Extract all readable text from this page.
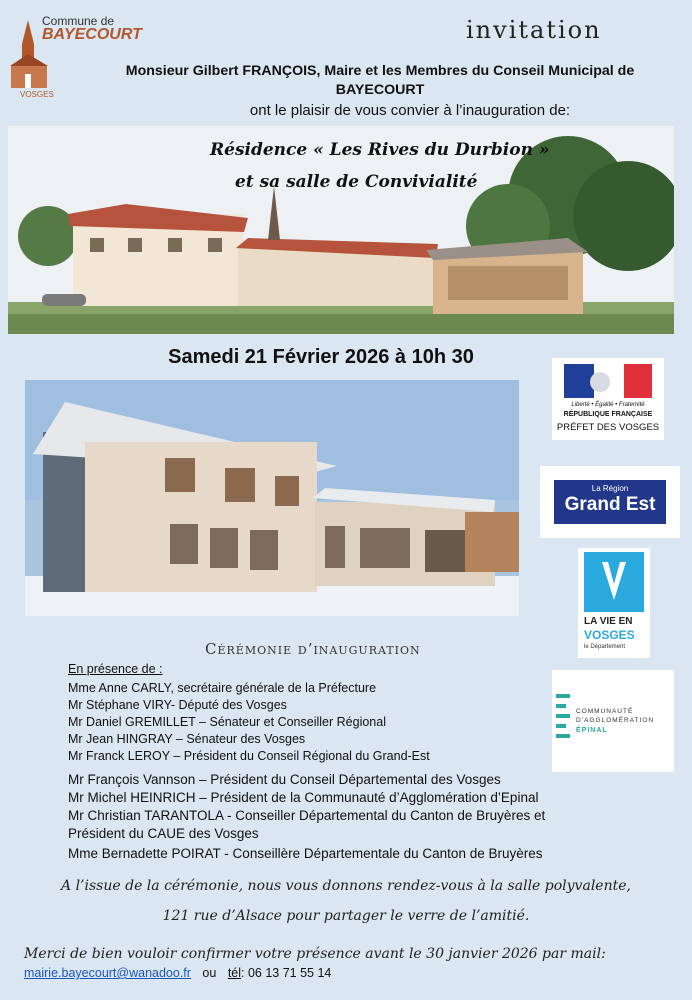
Commune de
BAYECOURT
VOSGES
invitation
Monsieur Gilbert FRANÇOIS, Maire et les Membres du Conseil Municipal de BAYECOURT
ont le plaisir de vous convier à l’inauguration de:
Résidence « Les Rives du Durbion »
et sa salle de Convivialité
Samedi 21 Février 2026 à 10h 30
Liberté • Égalité • Fraternité
RÉPUBLIQUE FRANÇAISE
PRÉFET DES VOSGES
La Région
Grand Est
LA VIE EN
VOSGES
le Département
COMMUNAUTÉ
D’AGGLOMÉRATION
ÉPINAL
Cérémonie d’inauguration
En présence de :
Mme Anne CARLY, secrétaire générale de la Préfecture
Mr Stéphane VIRY- Député des Vosges
Mr Daniel GREMILLET – Sénateur et Conseiller Régional
Mr Jean HINGRAY – Sénateur des Vosges
Mr Franck LEROY – Président du Conseil Régional du Grand-Est
Mr François Vannson – Président du Conseil Départemental des Vosges
Mr Michel HEINRICH – Président de la Communauté d’Agglomération d’Epinal
Mr Christian TARANTOLA - Conseiller Départemental du Canton de Bruyères et
Président du CAUE des Vosges
Mme Bernadette POIRAT - Conseillère Départementale du Canton de Bruyères
A l’issue de la cérémonie, nous vous donnons rendez-vous à la salle polyvalente,
121 rue d’Alsace pour partager le verre de l’amitié.
Merci de bien vouloir confirmer votre présence avant le 30 janvier 2026 par mail:
mairie.bayecourt@wanadoo.fr ou tél: 06 13 71 55 14
